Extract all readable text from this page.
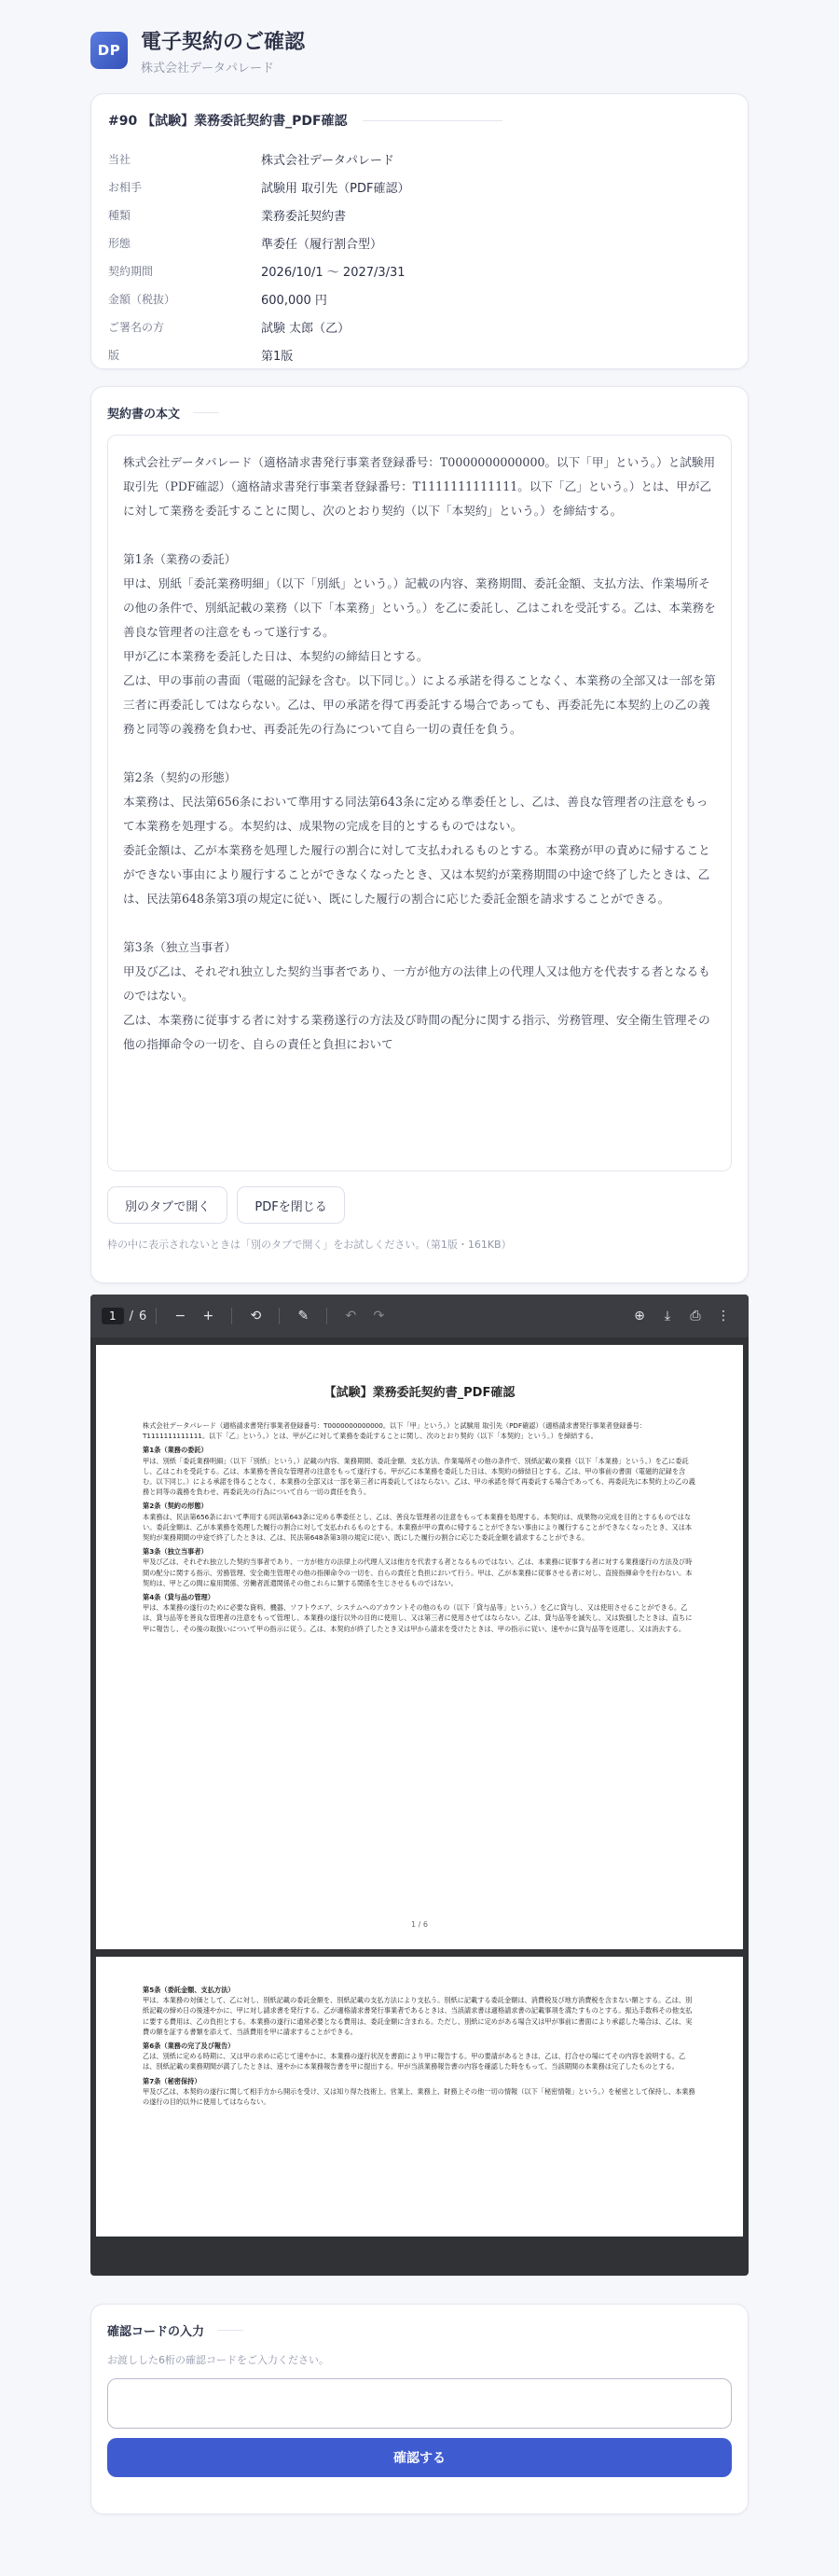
DP 電子契約のご確認
株式会社データパレード
#90 【試験】業務委託契約書_PDF確認
当社	株式会社データパレード
お相手	試験用 取引先（PDF確認）
種類	業務委託契約書
形態	準委任（履行割合型）
契約期間	2026/10/1 〜 2027/3/31
金額（税抜）	600,000 円
ご署名の方	試験 太郎（乙）
版	第1版
契約書の本文

株式会社データパレード（適格請求書発行事業者登録番号：T0000000000000。以下「甲」という。）と試験用 取引先（PDF確認）（適格請求書発行事業者登録番号：T1111111111111。以下「乙」という。）とは、甲が乙に対して業務を委託することに関し、次のとおり契約（以下「本契約」という。）を締結する。

第1条（業務の委託）

甲は、別紙「委託業務明細」（以下「別紙」という。）記載の内容、業務期間、委託金額、支払方法、作業場所その他の条件で、別紙記載の業務（以下「本業務」という。）を乙に委託し、乙はこれを受託する。乙は、本業務を善良な管理者の注意をもって遂行する。

甲が乙に本業務を委託した日は、本契約の締結日とする。

乙は、甲の事前の書面（電磁的記録を含む。以下同じ。）による承諾を得ることなく、本業務の全部又は一部を第三者に再委託してはならない。乙は、甲の承諾を得て再委託する場合であっても、再委託先に本契約上の乙の義務と同等の義務を負わせ、再委託先の行為について自ら一切の責任を負う。

第2条（契約の形態）

本業務は、民法第656条において準用する同法第643条に定める準委任とし、乙は、善良な管理者の注意をもって本業務を処理する。本契約は、成果物の完成を目的とするものではない。

委託金額は、乙が本業務を処理した履行の割合に対して支払われるものとする。本業務が甲の責めに帰することができない事由により履行することができなくなったとき、又は本契約が業務期間の中途で終了したときは、乙は、民法第648条第3項の規定に従い、既にした履行の割合に応じた委託金額を請求することができる。

第3条（独立当事者）

甲及び乙は、それぞれ独立した契約当事者であり、一方が他方の法律上の代理人又は他方を代表する者となるものではない。

乙は、本業務に従事する者に対する業務遂行の方法及び時間の配分に関する指示、労務管理、安全衛生管理その他の指揮命令の一切を、自らの責任と負担において

別のタブで開く	PDFを閉じる
枠の中に表示されないときは「別のタブで開く」をお試しください。（第1版・161KB）
1	/ 6	−	+	⟲	✎	↶	↷	⊕	⤓	⎙	⋮
【試験】業務委託契約書_PDF確認

株式会社データパレード（適格請求書発行事業者登録番号：T0000000000000。以下「甲」という。）と試験用 取引先（PDF確認）（適格請求書発行事業者登録番号：T1111111111111。以下「乙」という。）とは、甲が乙に対して業務を委託することに関し、次のとおり契約（以下「本契約」という。）を締結する。

第1条（業務の委託）

甲は、別紙「委託業務明細」（以下「別紙」という。）記載の内容、業務期間、委託金額、支払方法、作業場所その他の条件で、別紙記載の業務（以下「本業務」という。）を乙に委託し、乙はこれを受託する。乙は、本業務を善良な管理者の注意をもって遂行する。甲が乙に本業務を委託した日は、本契約の締結日とする。乙は、甲の事前の書面（電磁的記録を含む。以下同じ。）による承諾を得ることなく、本業務の全部又は一部を第三者に再委託してはならない。乙は、甲の承諾を得て再委託する場合であっても、再委託先に本契約上の乙の義務と同等の義務を負わせ、再委託先の行為について自ら一切の責任を負う。

第2条（契約の形態）

本業務は、民法第656条において準用する同法第643条に定める準委任とし、乙は、善良な管理者の注意をもって本業務を処理する。本契約は、成果物の完成を目的とするものではない。委託金額は、乙が本業務を処理した履行の割合に対して支払われるものとする。本業務が甲の責めに帰することができない事由により履行することができなくなったとき、又は本契約が業務期間の中途で終了したときは、乙は、民法第648条第3項の規定に従い、既にした履行の割合に応じた委託金額を請求することができる。

第3条（独立当事者）

甲及び乙は、それぞれ独立した契約当事者であり、一方が他方の法律上の代理人又は他方を代表する者となるものではない。乙は、本業務に従事する者に対する業務遂行の方法及び時間の配分に関する指示、労務管理、安全衛生管理その他の指揮命令の一切を、自らの責任と負担において行う。甲は、乙が本業務に従事させる者に対し、直接指揮命令を行わない。本契約は、甲と乙の間に雇用関係、労働者派遣関係その他これらに類する関係を生じさせるものではない。

第4条（貸与品の管理）

甲は、本業務の遂行のために必要な資料、機器、ソフトウエア、システムへのアカウントその他のもの（以下「貸与品等」という。）を乙に貸与し、又は使用させることができる。乙は、貸与品等を善良な管理者の注意をもって管理し、本業務の遂行以外の目的に使用し、又は第三者に使用させてはならない。乙は、貸与品等を滅失し、又は毀損したときは、直ちに甲に報告し、その後の取扱いについて甲の指示に従う。乙は、本契約が終了したとき又は甲から請求を受けたときは、甲の指示に従い、速やかに貸与品等を返還し、又は消去する。

1 / 6

第5条（委託金額、支払方法）

甲は、本業務の対価として、乙に対し、別紙記載の委託金額を、別紙記載の支払方法により支払う。別紙に記載する委託金額は、消費税及び地方消費税を含まない額とする。乙は、別紙記載の締め日の後速やかに、甲に対し請求書を発行する。乙が適格請求書発行事業者であるときは、当該請求書は適格請求書の記載事項を満たすものとする。振込手数料その他支払に要する費用は、乙の負担とする。本業務の遂行に通常必要となる費用は、委託金額に含まれる。ただし、別紙に定めがある場合又は甲が事前に書面により承認した場合は、乙は、実費の額を証する書類を添えて、当該費用を甲に請求することができる。

第6条（業務の完了及び報告）

乙は、別紙に定める時期に、又は甲の求めに応じて速やかに、本業務の遂行状況を書面により甲に報告する。甲の要請があるときは、乙は、打合せの場にてその内容を説明する。乙は、別紙記載の業務期間が満了したときは、速やかに本業務報告書を甲に提出する。甲が当該業務報告書の内容を確認した時をもって、当該期間の本業務は完了したものとする。

第7条（秘密保持）

甲及び乙は、本契約の遂行に関して相手方から開示を受け、又は知り得た技術上、営業上、業務上、財務上その他一切の情報（以下「秘密情報」という。）を秘密として保持し、本業務の遂行の目的以外に使用してはならない。

確認コードの入力
お渡しした6桁の確認コードをご入力ください。
確認する
